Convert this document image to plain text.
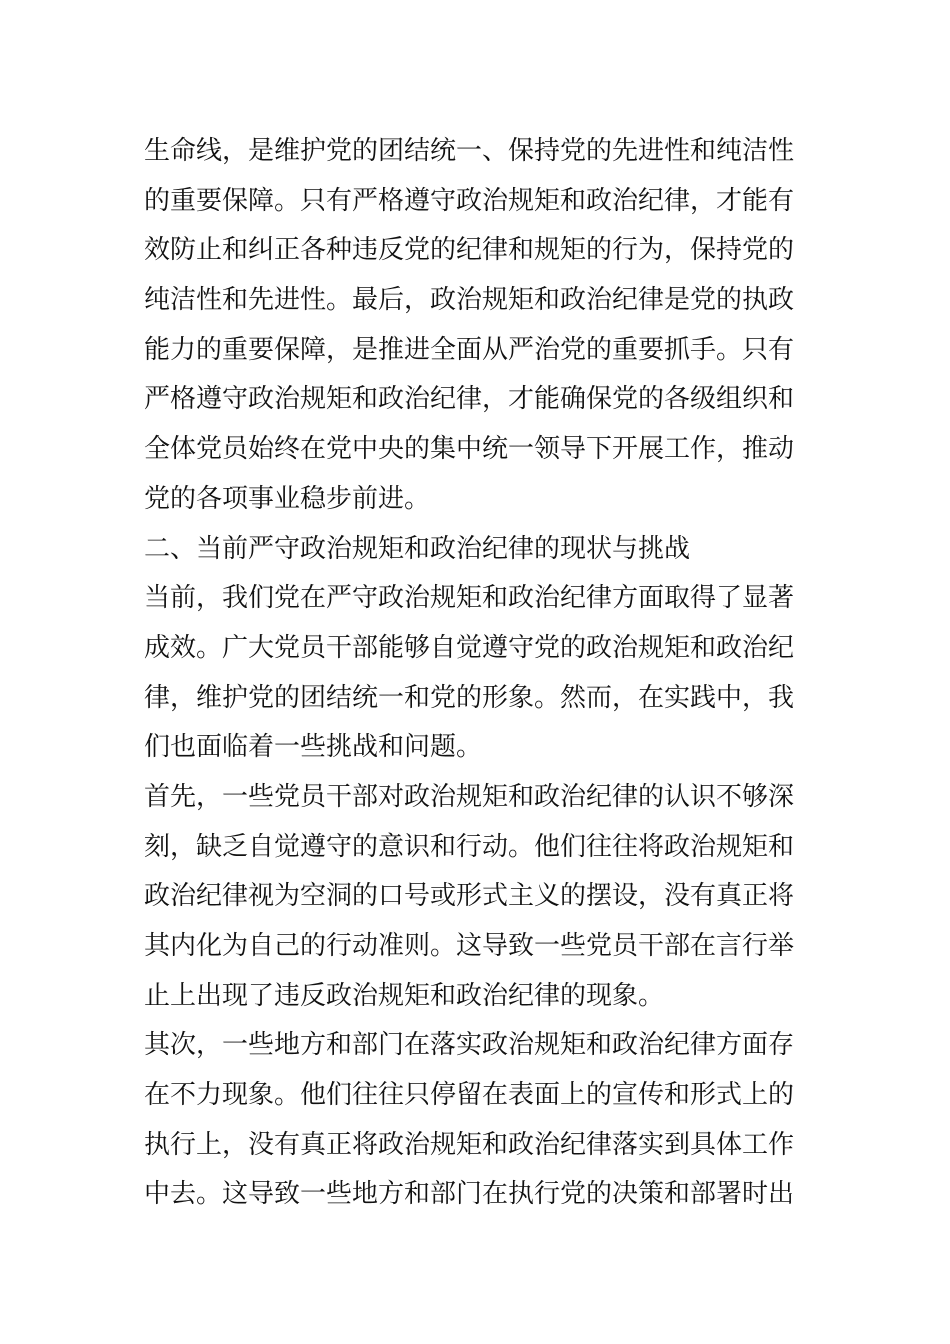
生命线，是维护党的团结统一、保持党的先进性和纯洁性
的重要保障。只有严格遵守政治规矩和政治纪律，才能有
效防止和纠正各种违反党的纪律和规矩的行为，保持党的
纯洁性和先进性。最后，政治规矩和政治纪律是党的执政
能力的重要保障，是推进全面从严治党的重要抓手。只有
严格遵守政治规矩和政治纪律，才能确保党的各级组织和
全体党员始终在党中央的集中统一领导下开展工作，推动
党的各项事业稳步前进。
二、当前严守政治规矩和政治纪律的现状与挑战
当前，我们党在严守政治规矩和政治纪律方面取得了显著
成效。广大党员干部能够自觉遵守党的政治规矩和政治纪
律，维护党的团结统一和党的形象。然而，在实践中，我
们也面临着一些挑战和问题。
首先，一些党员干部对政治规矩和政治纪律的认识不够深
刻，缺乏自觉遵守的意识和行动。他们往往将政治规矩和
政治纪律视为空洞的口号或形式主义的摆设，没有真正将
其内化为自己的行动准则。这导致一些党员干部在言行举
止上出现了违反政治规矩和政治纪律的现象。
其次，一些地方和部门在落实政治规矩和政治纪律方面存
在不力现象。他们往往只停留在表面上的宣传和形式上的
执行上，没有真正将政治规矩和政治纪律落实到具体工作
中去。这导致一些地方和部门在执行党的决策和部署时出
